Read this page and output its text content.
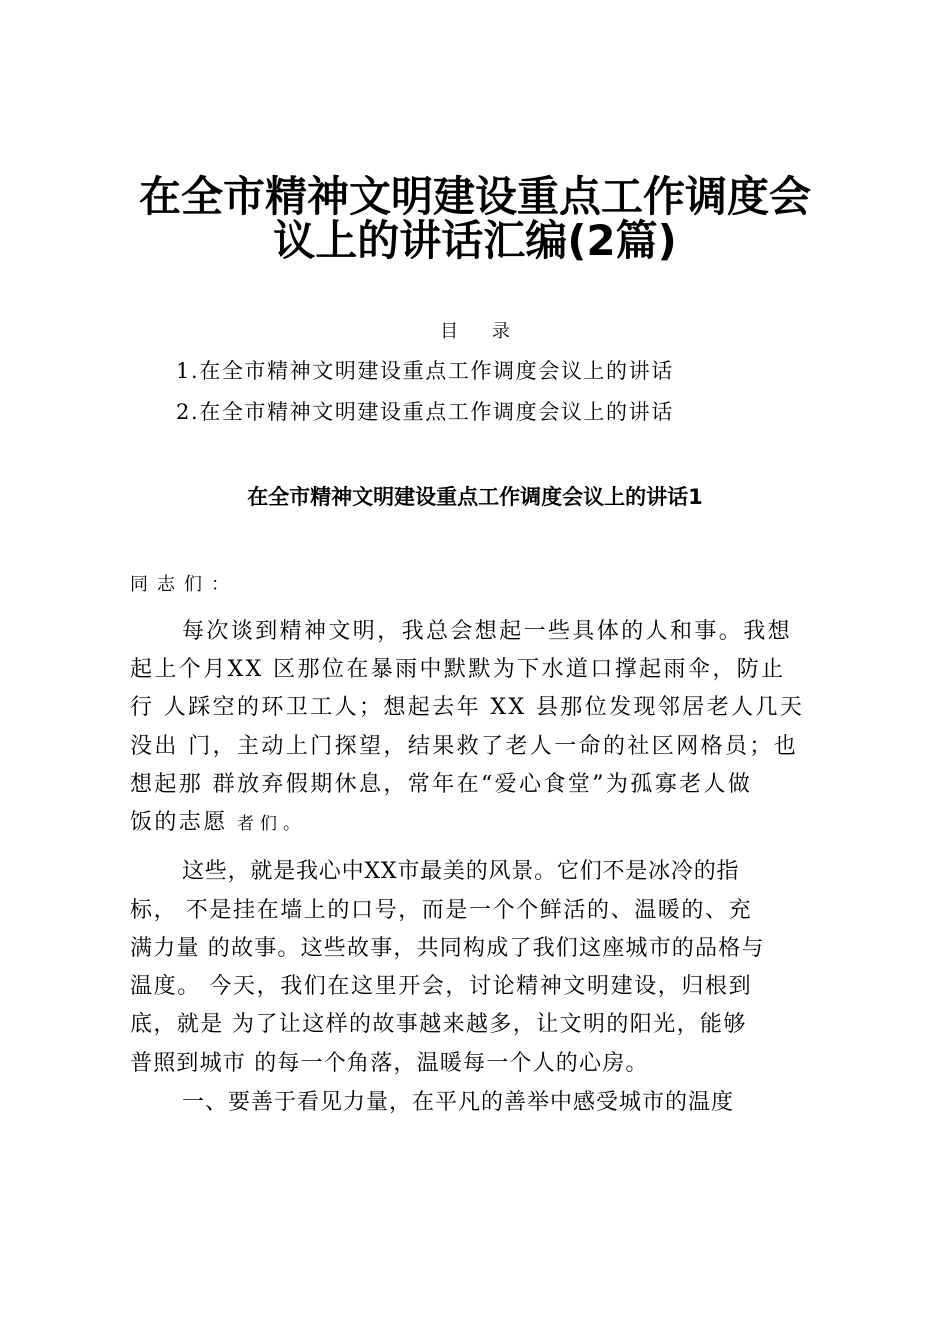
在全市精神文明建设重点工作调度会
议上的讲话汇编(2篇)
目 录
1.在全市精神文明建设重点工作调度会议上的讲话
2.在全市精神文明建设重点工作调度会议上的讲话
在全市精神文明建设重点工作调度会议上的讲话1
同志们：
每次谈到精神文明，我总会想起一些具体的人和事。我想
起上个月XX 区那位在暴雨中默默为下水道口撑起雨伞，防止
行 人踩空的环卫工人；想起去年 XX 县那位发现邻居老人几天
没出 门，主动上门探望，结果救了老人一命的社区网格员；也
想起那 群放弃假期休息，常年在“爱心食堂”为孤寡老人做
饭的志愿 者们。
这些，就是我心中XX市最美的风景。它们不是冰冷的指
标， 不是挂在墙上的口号，而是一个个鲜活的、温暖的、充
满力量 的故事。这些故事，共同构成了我们这座城市的品格与
温度。 今天，我们在这里开会，讨论精神文明建设，归根到
底，就是 为了让这样的故事越来越多，让文明的阳光，能够
普照到城市 的每一个角落，温暖每一个人的心房。
一、要善于看见力量，在平凡的善举中感受城市的温度
